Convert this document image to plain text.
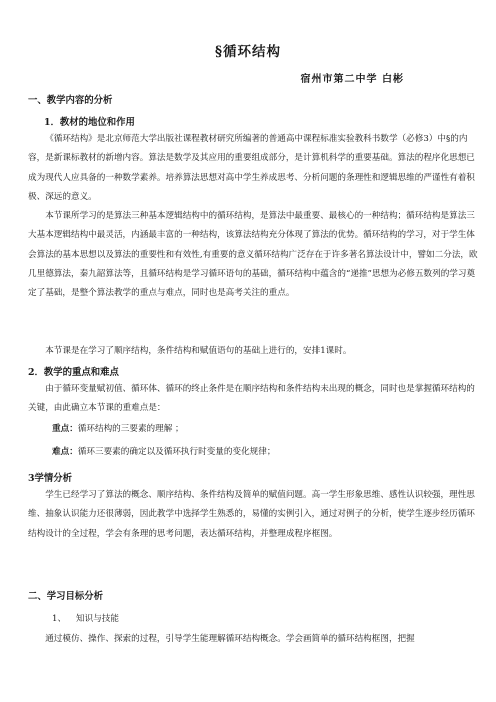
§循环结构
宿州市第二中学 白彬
一、教学内容的分析
1．教材的地位和作用
《循环结构》是北京师范大学出版社课程教材研究所编著的普通高中课程标准实验教科书数学（必修3）中§的内容，是新课标教材的新增内容。算法是数学及其应用的重要组成部分，是计算机科学的重要基础。算法的程序化思想已成为现代人应具备的一种数学素养。培养算法思想对高中学生养成思考、分析问题的条理性和逻辑思维的严谨性有着积极、深远的意义。
本节课所学习的是算法三种基本逻辑结构中的循环结构，是算法中最重要、最核心的一种结构；循环结构是算法三大基本逻辑结构中最灵活，内涵最丰富的一种结构，该算法结构充分体现了算法的优势。循环结构的学习，对于学生体会算法的基本思想以及算法的重要性和有效性,有重要的意义循环结构广泛存在于许多著名算法设计中，譬如二分法，欧几里德算法，秦九韶算法等，且循环结构是学习循环语句的基础，循环结构中蕴含的“递推”思想为必修五数列的学习奠定了基础，是整个算法教学的重点与难点，同时也是高考关注的重点。
本节课是在学习了顺序结构，条件结构和赋值语句的基础上进行的，安排1课时。
2．教学的重点和难点
由于循环变量赋初值、循环体、循环的终止条件是在顺序结构和条件结构未出现的概念，同时也是掌握循环结构的关键，由此确立本节课的重难点是：
重点：循环结构的三要素的理解 ；
难点：循环三要素的确定以及循环执行时变量的变化规律；
3学情分析
学生已经学习了算法的概念、顺序结构、条件结构及简单的赋值问题。高一学生形象思维、感性认识较强，理性思维、抽象认识能力还很薄弱，因此教学中选择学生熟悉的，易懂的实例引入，通过对例子的分析，使学生逐步经历循环结构设计的全过程，学会有条理的思考问题，表达循环结构，并整理成程序框图。
二、学习目标分析
1、 知识与技能
通过模仿、操作、探索的过程，引导学生能理解循环结构概念。学会画简单的循环结构框图，把握
